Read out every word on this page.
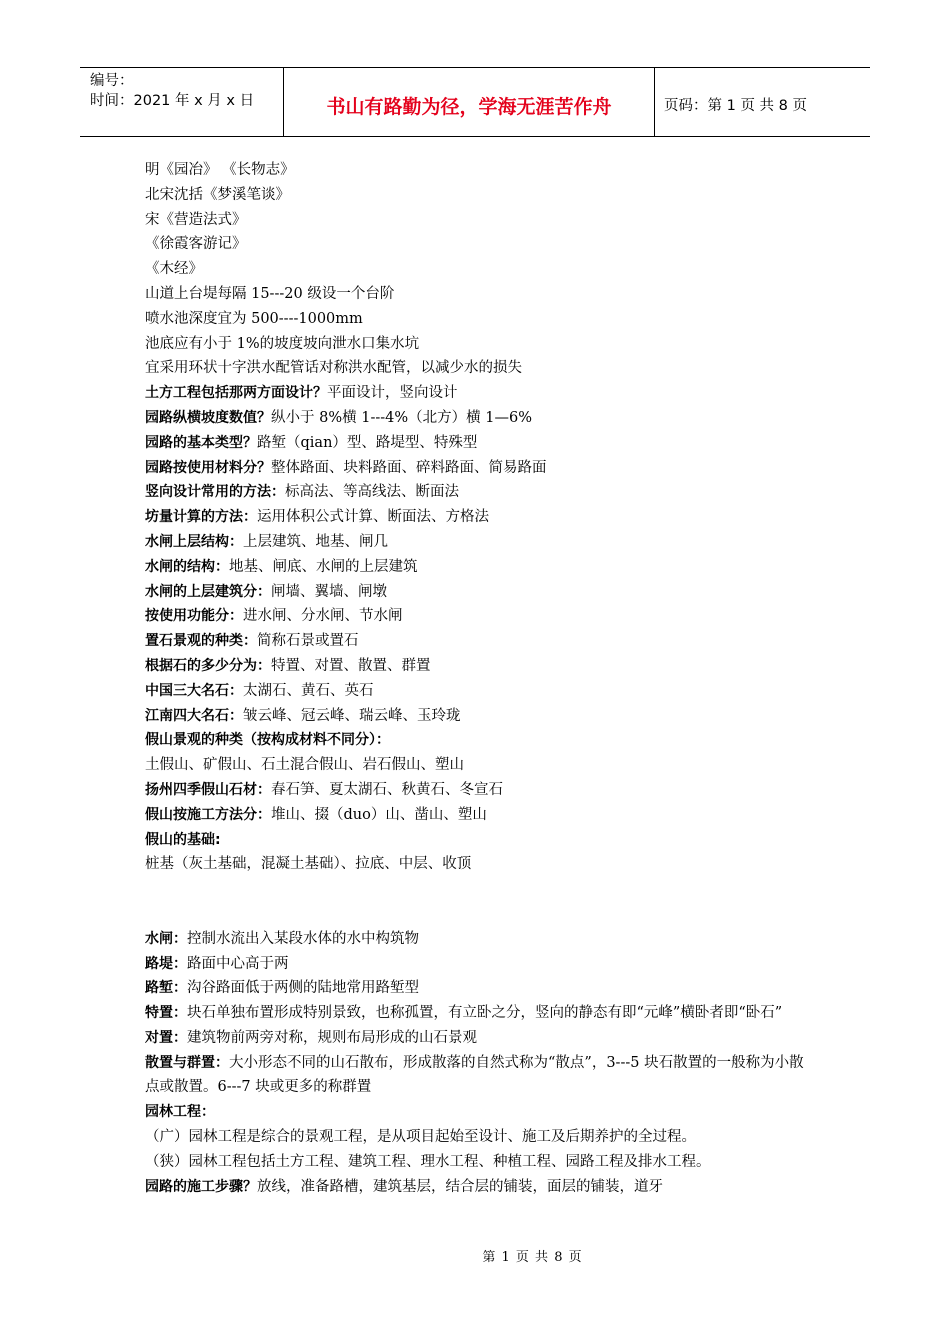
编号：
时间：2021 年 x 月 x 日	书山有路勤为径，学海无涯苦作舟	页码：第 1 页 共 8 页
明《园冶》 《长物志》
北宋沈括《梦溪笔谈》
宋《营造法式》
《徐霞客游记》
《木经》
山道上台堤每隔 15---20 级设一个台阶
喷水池深度宜为 500----1000mm
池底应有小于 1%的坡度坡向泄水口集水坑
宜采用环状十字洪水配管话对称洪水配管，以减少水的损失
土方工程包括那两方面设计？平面设计，竖向设计
园路纵横坡度数值？纵小于 8%横 1---4%（北方）横 1—6%
园路的基本类型？路堑（qian）型、路堤型、特殊型
园路按使用材料分？整体路面、块料路面、碎料路面、简易路面
竖向设计常用的方法：标高法、等高线法、断面法
坊量计算的方法：运用体积公式计算、断面法、方格法
水闸上层结构：上层建筑、地基、闸几
水闸的结构：地基、闸底、水闸的上层建筑
水闸的上层建筑分：闸墙、翼墙、闸墩
按使用功能分：进水闸、分水闸、节水闸
置石景观的种类：简称石景或置石
根据石的多少分为：特置、对置、散置、群置
中国三大名石：太湖石、黄石、英石
江南四大名石：皱云峰、冠云峰、瑞云峰、玉玲珑
假山景观的种类（按构成材料不同分）：
土假山、矿假山、石土混合假山、岩石假山、塑山
扬州四季假山石材：春石笋、夏太湖石、秋黄石、冬宣石
假山按施工方法分：堆山、掇（duo）山、凿山、塑山
假山的基础:
桩基（灰土基础，混凝土基础）、拉底、中层、收顶
水闸：控制水流出入某段水体的水中构筑物
路堤：路面中心高于两
路堑：沟谷路面低于两侧的陆地常用路堑型
特置：块石单独布置形成特别景致，也称孤置，有立卧之分，竖向的静态有即“元峰”横卧者即“卧石”
对置：建筑物前两旁对称，规则布局形成的山石景观
散置与群置：大小形态不同的山石散布，形成散落的自然式称为“散点”，3---5 块石散置的一般称为小散点或散置。6---7 块或更多的称群置
园林工程：
（广）园林工程是综合的景观工程，是从项目起始至设计、施工及后期养护的全过程。
（狭）园林工程包括土方工程、建筑工程、理水工程、种植工程、园路工程及排水工程。
园路的施工步骤？放线，准备路槽，建筑基层，结合层的铺装，面层的铺装，道牙
第 1 页 共 8 页
